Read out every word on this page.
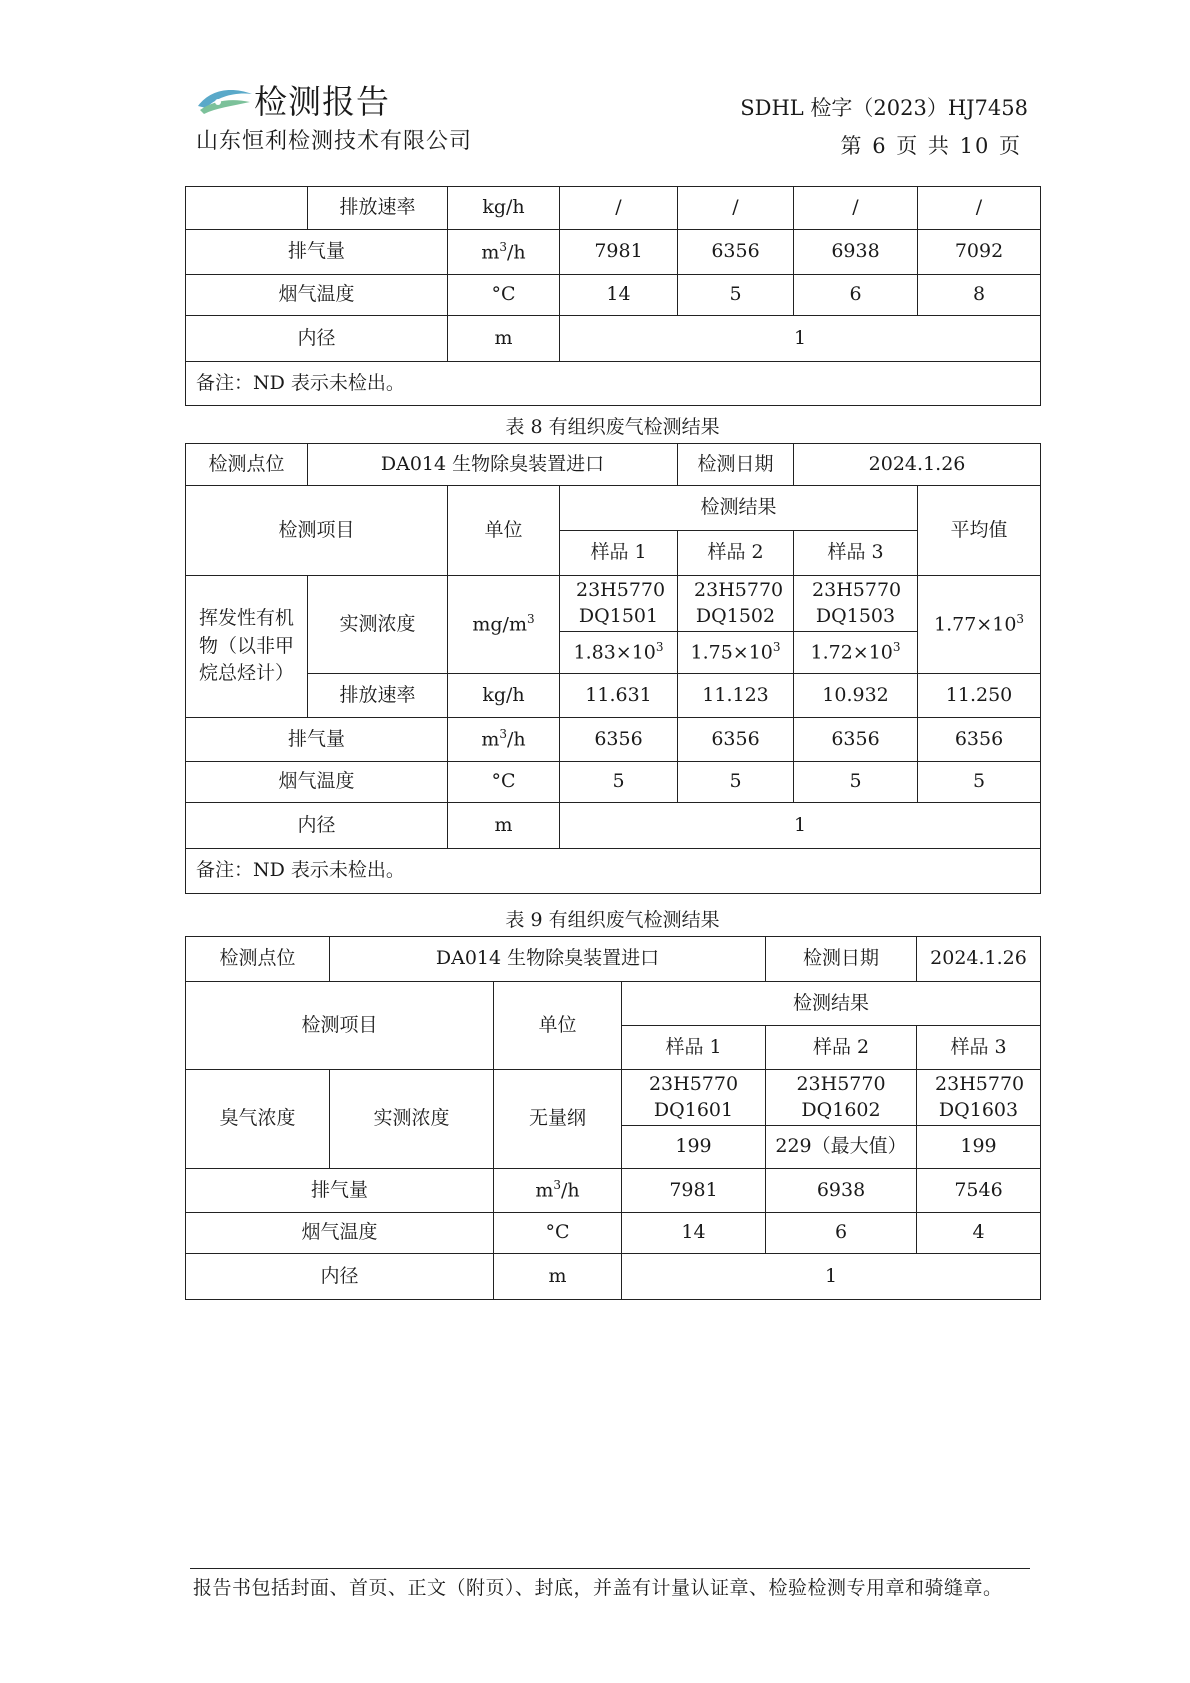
检测报告
山东恒利检测技术有限公司
SDHL 检字（2023）HJ7458
第 6 页 共 10 页
	排放速率	kg/h	/	/	/	/
排气量		$m^3/h$	7981	6356	6938	7092
烟气温度		°C	14	5	6	8
内径		m	1			
备注：ND 表示未检出。						
表 8 有组织废气检测结果
检测点位	DA014 生物除臭装置进口			检测日期	2024.1.26	
检测项目		单位	检测结果			平均值
			样品 1	样品 2	样品 3	
挥发性有机物（以非甲烷总烃计）	实测浓度	$mg/m^3$	23H5770 DQ1501	23H5770 DQ1502	23H5770 DQ1503	$1.77\times 10^3$
			$1.83\times 10^3$	$1.75\times 10^3$	$1.72\times 10^3$
	排放速率	kg/h	11.631	11.123	10.932	11.250
排气量		$m^3/h$	6356	6356	6356	6356
烟气温度		°C	5	5	5	5
内径		m	1			
备注：ND 表示未检出。						
表 9 有组织废气检测结果
检测点位	DA014 生物除臭装置进口			检测日期	2024.1.26
检测项目		单位	检测结果		
			样品 1	样品 2	样品 3
臭气浓度	实测浓度	无量纲	23H5770 DQ1601	23H5770 DQ1602	23H5770 DQ1603
			199	229（最大值）	199
排气量		$m^3/h$	7981	6938	7546
烟气温度		°C	14	6	4
内径		m	1		
报告书包括封面、首页、正文（附页）、封底，并盖有计量认证章、检验检测专用章和骑缝章。
